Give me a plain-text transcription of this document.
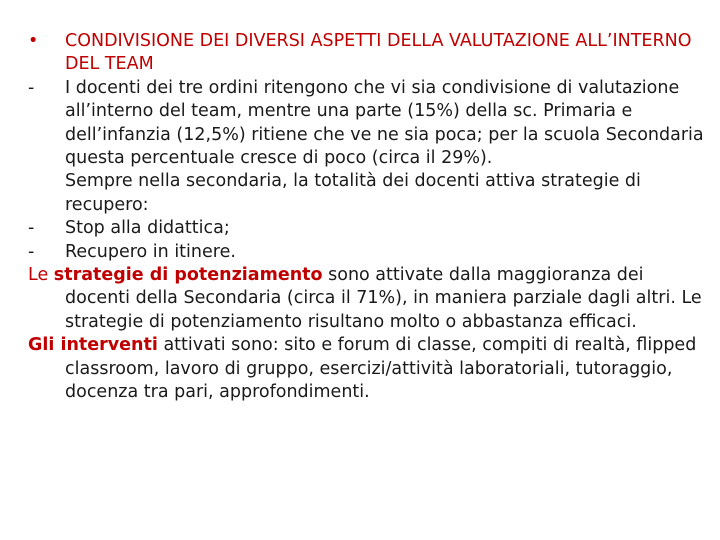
• CONDIVISIONE DEI DIVERSI ASPETTI DELLA VALUTAZIONE ALL’INTERNO DEL TEAM

- I docenti dei tre ordini ritengono che vi sia condivisione di valutazione all’interno del team, mentre una parte (15%) della sc. Primaria e dell’infanzia (12,5%) ritiene che ve ne sia poca; per la scuola Secondaria questa percentuale cresce di poco (circa il 29%).

Sempre nella secondaria, la totalità dei docenti attiva strategie di recupero:

- Stop alla didattica;

- Recupero in itinere.

Le strategie di potenziamento sono attivate dalla maggioranza dei docenti della Secondaria (circa il 71%), in maniera parziale dagli altri. Le strategie di potenziamento risultano molto o abbastanza efficaci.

Gli interventi attivati sono: sito e forum di classe, compiti di realtà, flipped classroom, lavoro di gruppo, esercizi/attività laboratoriali, tutoraggio, docenza tra pari, approfondimenti.
